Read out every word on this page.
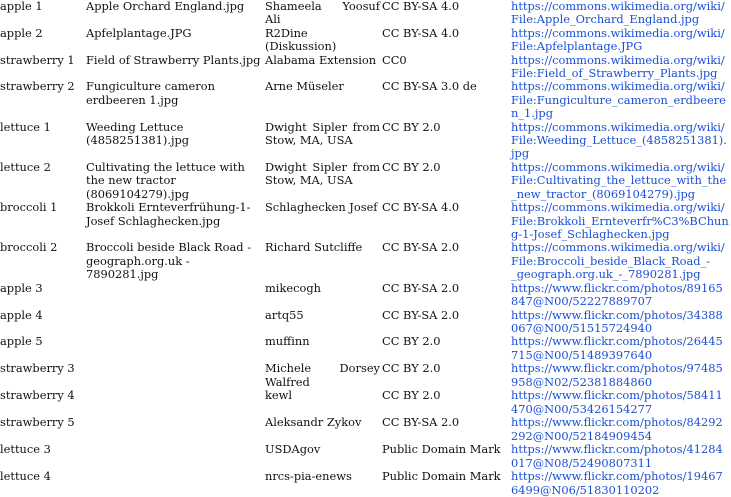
apple 1	Apple Orchard England.jpg	Shameela Yoosuf Ali	CC BY-SA 4.0	https://commons.wikimedia.org/wiki/File:Apple_Orchard_England.jpg
apple 2	Apfelplantage.JPG	R2Dine (Diskussion)	CC BY-SA 4.0	https://commons.wikimedia.org/wiki/File:Apfelplantage.JPG
strawberry 1	Field of Strawberry Plants.jpg	Alabama Extension	CC0	https://commons.wikimedia.org/wiki/File:Field_of_Strawberry_Plants.jpg
strawberry 2	Fungiculture cameron erdbeeren 1.jpg	Arne Müseler	CC BY-SA 3.0 de	https://commons.wikimedia.org/wiki/File:Fungiculture_cameron_erdbeeren_1.jpg
lettuce 1	Weeding Lettuce (4858251381).jpg	Dwight Sipler from Stow, MA, USA	CC BY 2.0	https://commons.wikimedia.org/wiki/File:Weeding_Lettuce_(4858251381).jpg
lettuce 2	Cultivating the lettuce with the new tractor (8069104279).jpg	Dwight Sipler from Stow, MA, USA	CC BY 2.0	https://commons.wikimedia.org/wiki/File:Cultivating_the_lettuce_with_the_new_tractor_(8069104279).jpg
broccoli 1	Brokkoli Ernteverfrühung-1-Josef Schlaghecken.jpg	Schlaghecken Josef	CC BY-SA 4.0	https://commons.wikimedia.org/wiki/File:Brokkoli_Ernteverfr%C3%BChung-1-Josef_Schlaghecken.jpg
broccoli 2	Broccoli beside Black Road - geograph.org.uk - 7890281.jpg	Richard Sutcliffe	CC BY-SA 2.0	https://commons.wikimedia.org/wiki/File:Broccoli_beside_Black_Road_-_geograph.org.uk_-_7890281.jpg
apple 3		mikecogh	CC BY-SA 2.0	https://www.flickr.com/photos/89165847@N00/52227889707
apple 4		artq55	CC BY-SA 2.0	https://www.flickr.com/photos/34388067@N00/51515724940
apple 5		muffinn	CC BY 2.0	https://www.flickr.com/photos/26445715@N00/51489397640
strawberry 3		Michele Dorsey Walfred	CC BY 2.0	https://www.flickr.com/photos/97485958@N02/52381884860
strawberry 4		kewl	CC BY 2.0	https://www.flickr.com/photos/58411470@N00/53426154277
strawberry 5		Aleksandr Zykov	CC BY-SA 2.0	https://www.flickr.com/photos/84292292@N00/52184909454
lettuce 3		USDAgov	Public Domain Mark	https://www.flickr.com/photos/41284017@N08/52490807311
lettuce 4		nrcs-pia-enews	Public Domain Mark	https://www.flickr.com/photos/194676499@N06/51830110202
